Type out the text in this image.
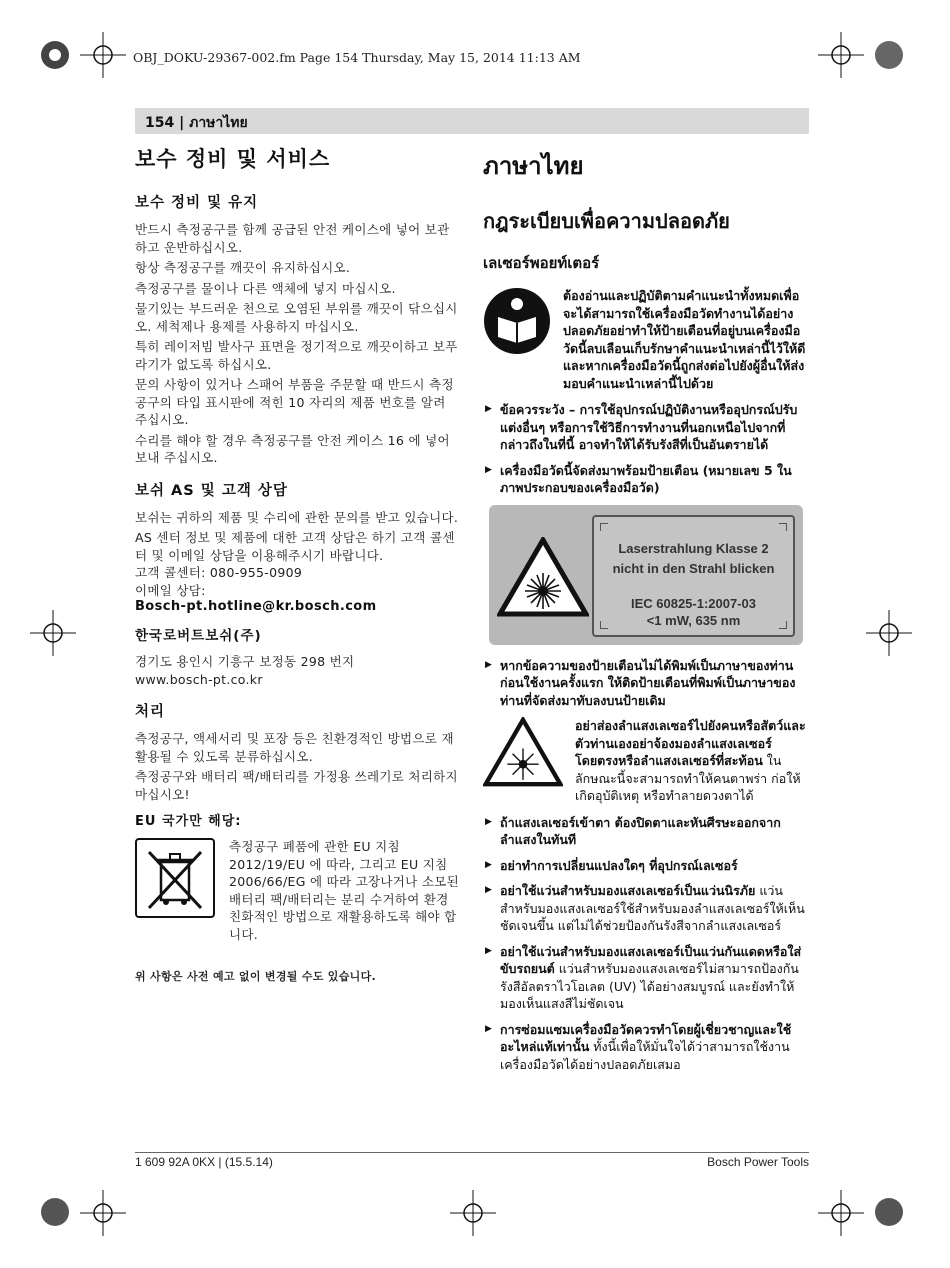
OBJ_DOKU-29367-002.fm Page 154 Thursday, May 15, 2014 11:13 AM
154 | ภาษาไทย
보수 정비 및 서비스
보수 정비 및 유지
반드시 측정공구를 함께 공급된 안전 케이스에 넣어 보관하고 운반하십시오.
항상 측정공구를 깨끗이 유지하십시오.
측정공구를 물이나 다른 액체에 넣지 마십시오.
물기있는 부드러운 천으로 오염된 부위를 깨끗이 닦으십시오. 세척제나 용제를 사용하지 마십시오.
특히 레이저빔 발사구 표면을 정기적으로 깨끗이하고 보푸라기가 없도록 하십시오.
문의 사항이 있거나 스패어 부품을 주문할 때 반드시 측정공구의 타입 표시판에 적힌 10 자리의 제품 번호를 알려 주십시오.
수리를 해야 할 경우 측정공구를 안전 케이스 16 에 넣어 보내 주십시오.
보쉬 AS 및 고객 상담
보쉬는 귀하의 제품 및 수리에 관한 문의를 받고 있습니다.
AS 센터 정보 및 제품에 대한 고객 상담은 하기 고객 콜센터 및 이메일 상담을 이용해주시기 바랍니다.
고객 콜센터: 080-955-0909
이메일 상담:
Bosch-pt.hotline@kr.bosch.com
한국로버트보쉬(주)
경기도 용인시 기흥구 보정동 298 번지
www.bosch-pt.co.kr
처리
측정공구, 액세서리 및 포장 등은 친환경적인 방법으로 재활용될 수 있도록 분류하십시오.
측정공구와 배터리 팩/배터리를 가정용 쓰레기로 처리하지 마십시오!
EU 국가만 해당:
측정공구 폐품에 관한 EU 지침 2012/19/EU 에 따라, 그리고 EU 지침 2006/66/EG 에 따라 고장나거나 소모된 배터리 팩/배터리는 분리 수거하여 환경 친화적인 방법으로 재활용하도록 해야 합니다.
위 사항은 사전 예고 없이 변경될 수도 있습니다.
ภาษาไทย
กฎระเบียบเพื่อความปลอดภัย
เลเซอร์พอยท์เตอร์
ต้องอ่านและปฏิบัติตามคำแนะนำทั้งหมดเพื่อจะได้สามารถใช้เครื่องมือวัดทำงานได้อย่างปลอดภัยอย่าทำให้ป้ายเตือนที่อยู่บนเครื่องมือวัดนี้ลบเลือนเก็บรักษาคำแนะนำเหล่านี้ไว้ให้ดี และหากเครื่องมือวัดนี้ถูกส่งต่อไปยังผู้อื่นให้ส่งมอบคำแนะนำเหล่านี้ไปด้วย
▶ ข้อควรระวัง – การใช้อุปกรณ์ปฏิบัติงานหรืออุปกรณ์ปรับแต่งอื่นๆ หรือการใช้วิธีการทำงานที่นอกเหนือไปจากที่กล่าวถึงในที่นี้ อาจทำให้ได้รับรังสีที่เป็นอันตรายได้
▶ เครื่องมือวัดนี้จัดส่งมาพร้อมป้ายเตือน (หมายเลข 5 ในภาพประกอบของเครื่องมือวัด)
Laserstrahlung Klasse 2
nicht in den Strahl blicken
IEC 60825-1:2007-03
<1 mW, 635 nm
▶ หากข้อความของป้ายเตือนไม่ได้พิมพ์เป็นภาษาของท่าน ก่อนใช้งานครั้งแรก ให้ติดป้ายเตือนที่พิมพ์เป็นภาษาของท่านที่จัดส่งมาทับลงบนป้ายเดิม
อย่าส่องลำแสงเลเซอร์ไปยังคนหรือสัตว์และตัวท่านเองอย่าจ้องมองลำแสงเลเซอร์โดยตรงหรือลำแสงเลเซอร์ที่สะท้อน ในลักษณะนี้จะสามารถทำให้คนตาพร่า ก่อให้เกิดอุบัติเหตุ หรือทำลายดวงตาได้
▶ ถ้าแสงเลเซอร์เข้าตา ต้องปิดตาและหันศีรษะออกจากลำแสงในทันที
▶ อย่าทำการเปลี่ยนแปลงใดๆ ที่อุปกรณ์เลเซอร์
▶ อย่าใช้แว่นสำหรับมองแสงเลเซอร์เป็นแว่นนิรภัย แว่นสำหรับมองแสงเลเซอร์ใช้สำหรับมองลำแสงเลเซอร์ให้เห็นชัดเจนขึ้น แต่ไม่ได้ช่วยป้องกันรังสีจากลำแสงเลเซอร์
▶ อย่าใช้แว่นสำหรับมองแสงเลเซอร์เป็นแว่นกันแดดหรือใส่ขับรถยนต์ แว่นสำหรับมองแสงเลเซอร์ไม่สามารถป้องกันรังสีอัลตราไวโอเลต (UV) ได้อย่างสมบูรณ์ และยังทำให้มองเห็นแสงสีไม่ชัดเจน
▶ การซ่อมแซมเครื่องมือวัดควรทำโดยผู้เชี่ยวชาญและใช้อะไหล่แท้เท่านั้น ทั้งนี้เพื่อให้มั่นใจได้ว่าสามารถใช้งานเครื่องมือวัดได้อย่างปลอดภัยเสมอ
1 609 92A 0KX | (15.5.14)	Bosch Power Tools
